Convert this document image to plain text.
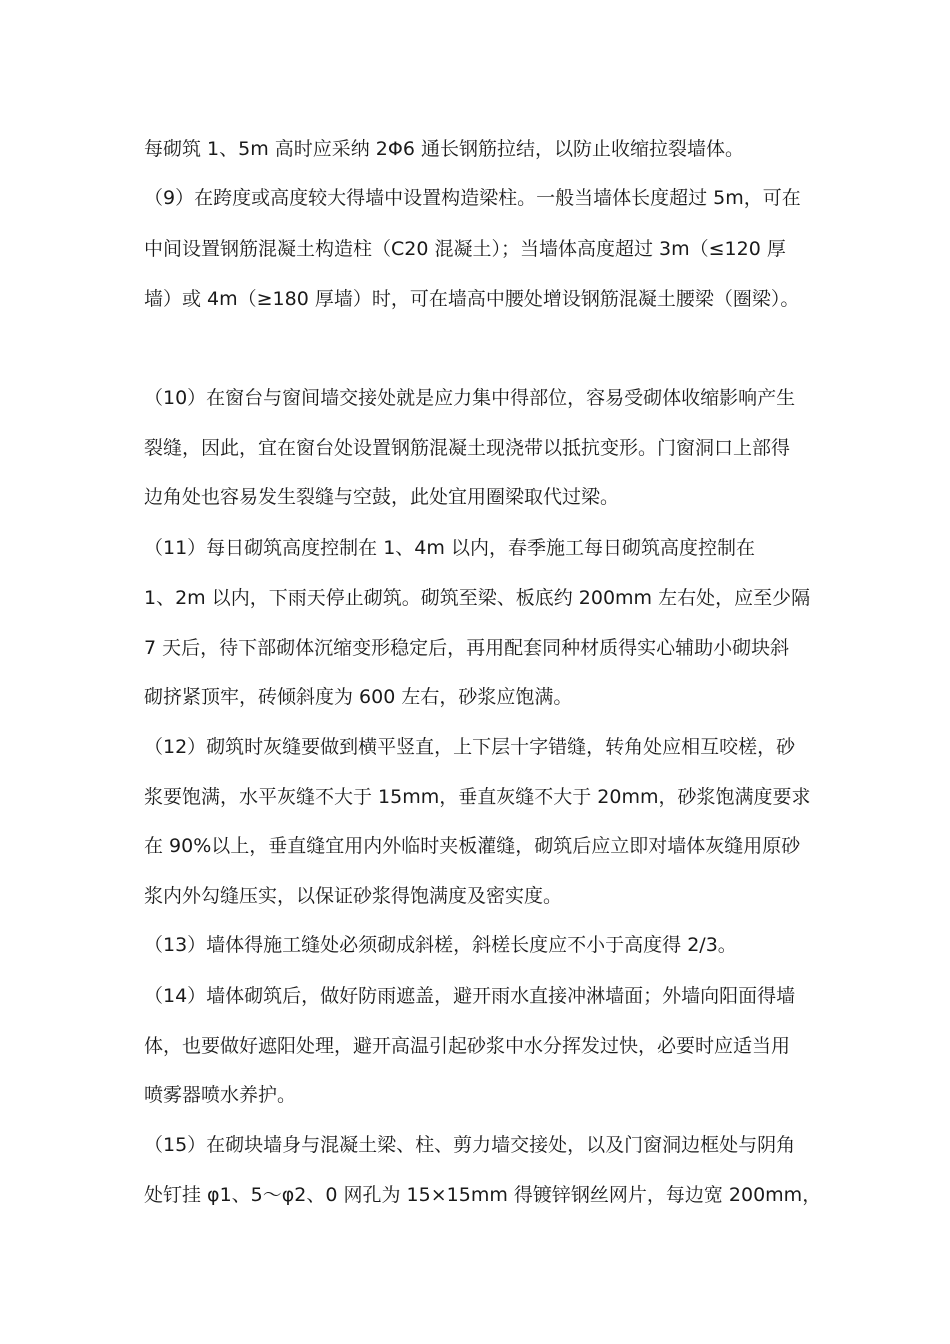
每砌筑 1、5m 高时应采纳 2Φ6 通长钢筋拉结，以防止收缩拉裂墙体。
（9）在跨度或高度较大得墙中设置构造梁柱。一般当墙体长度超过 5m，可在
中间设置钢筋混凝土构造柱（C20 混凝土）；当墙体高度超过 3m（≤120 厚
墙）或 4m（≥180 厚墙）时，可在墙高中腰处增设钢筋混凝土腰梁（圈梁）。
（10）在窗台与窗间墙交接处就是应力集中得部位，容易受砌体收缩影响产生
裂缝，因此，宜在窗台处设置钢筋混凝土现浇带以抵抗变形。门窗洞口上部得
边角处也容易发生裂缝与空鼓，此处宜用圈梁取代过梁。
（11）每日砌筑高度控制在 1、4m 以内，春季施工每日砌筑高度控制在
1、2m 以内，下雨天停止砌筑。砌筑至梁、板底约 200mm 左右处，应至少隔
7 天后，待下部砌体沉缩变形稳定后，再用配套同种材质得实心辅助小砌块斜
砌挤紧顶牢，砖倾斜度为 600 左右，砂浆应饱满。
（12）砌筑时灰缝要做到横平竖直，上下层十字错缝，转角处应相互咬槎，砂
浆要饱满，水平灰缝不大于 15mm，垂直灰缝不大于 20mm，砂浆饱满度要求
在 90%以上，垂直缝宜用内外临时夹板灌缝，砌筑后应立即对墙体灰缝用原砂
浆内外勾缝压实，以保证砂浆得饱满度及密实度。
（13）墙体得施工缝处必须砌成斜槎，斜槎长度应不小于高度得 2/3。
（14）墙体砌筑后，做好防雨遮盖，避开雨水直接冲淋墙面；外墙向阳面得墙
体，也要做好遮阳处理，避开高温引起砂浆中水分挥发过快，必要时应适当用
喷雾器喷水养护。
（15）在砌块墙身与混凝土梁、柱、剪力墙交接处，以及门窗洞边框处与阴角
处钉挂 φ1、5～φ2、0 网孔为 15×15mm 得镀锌钢丝网片，每边宽 200mm，
